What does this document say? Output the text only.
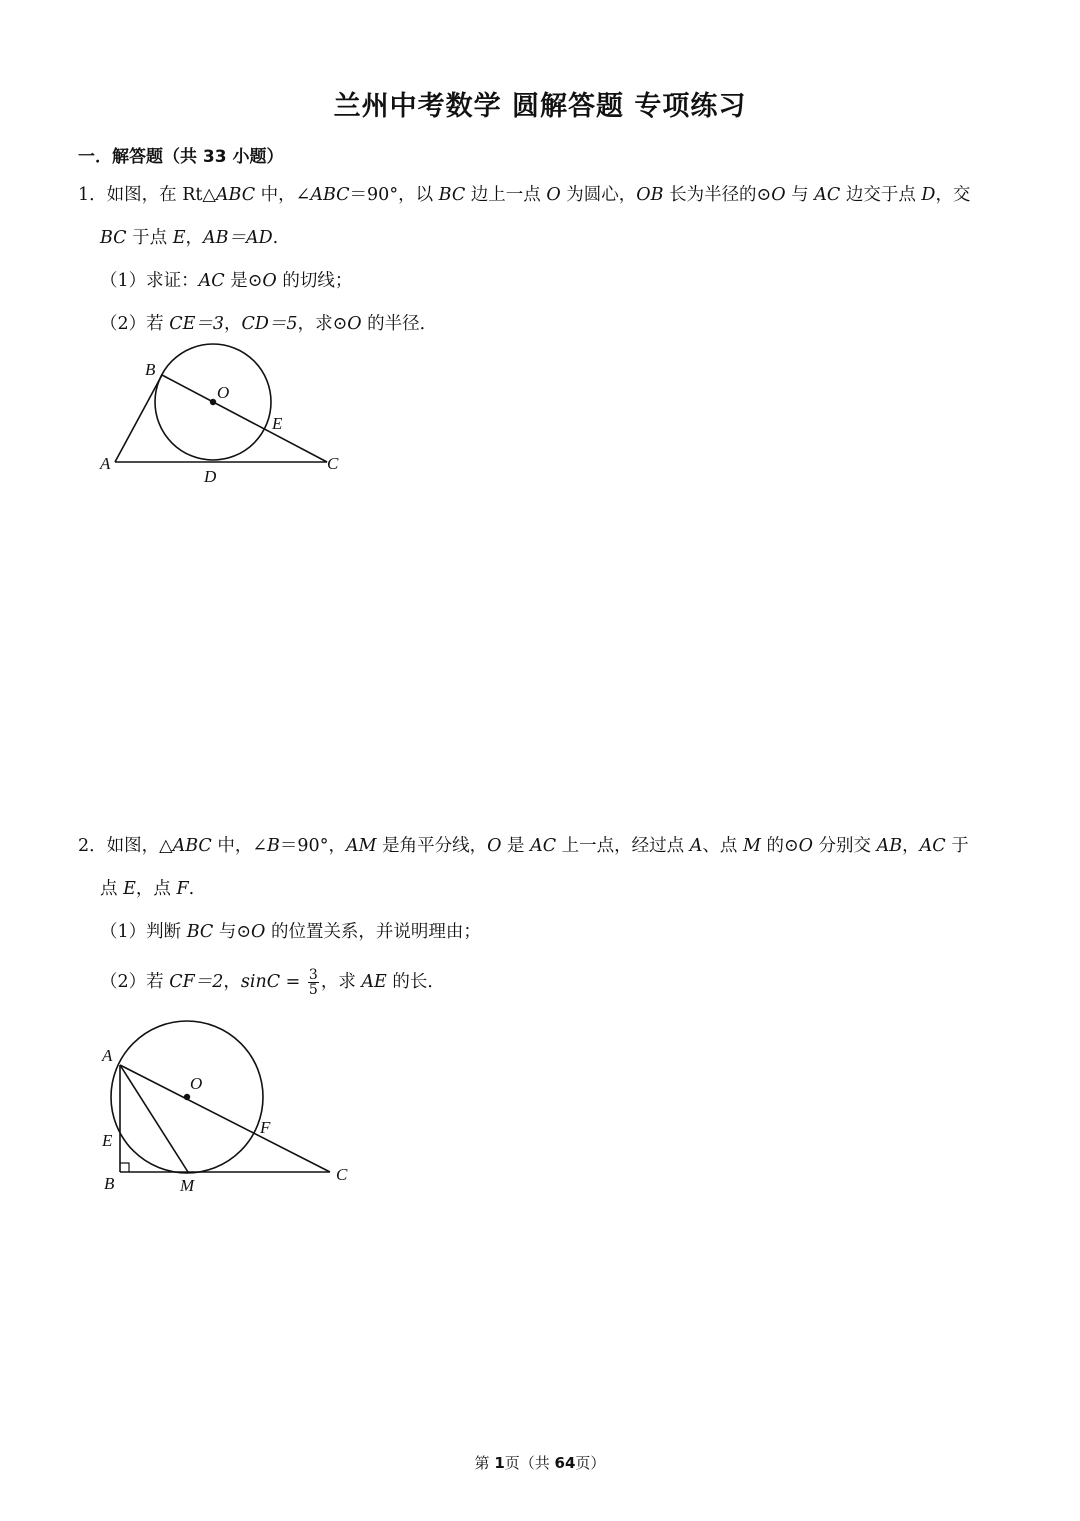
兰州中考数学 圆解答题 专项练习
一．解答题（共 33 小题）
1．如图，在 Rt△ABC 中，∠ABC＝90°，以 BC 边上一点 O 为圆心，OB 长为半径的⊙O 与 AC 边交于点 D，交
BC 于点 E，AB＝AD.
（1）求证：AC 是⊙O 的切线；
（2）若 CE＝3，CD＝5，求⊙O 的半径．
B
O
E
A
D
C
2．如图，△ABC 中，∠B＝90°，AM 是角平分线，O 是 AC 上一点，经过点 A、点 M 的⊙O 分别交 AB，AC 于
点 E，点 F.
（1）判断 BC 与⊙O 的位置关系，并说明理由；
（2）若 CF＝2，$\sin C = \frac{3}{5}$ ，求 AE 的长．
A
O
E
F
B	M
C
第 1页（共 64页）
